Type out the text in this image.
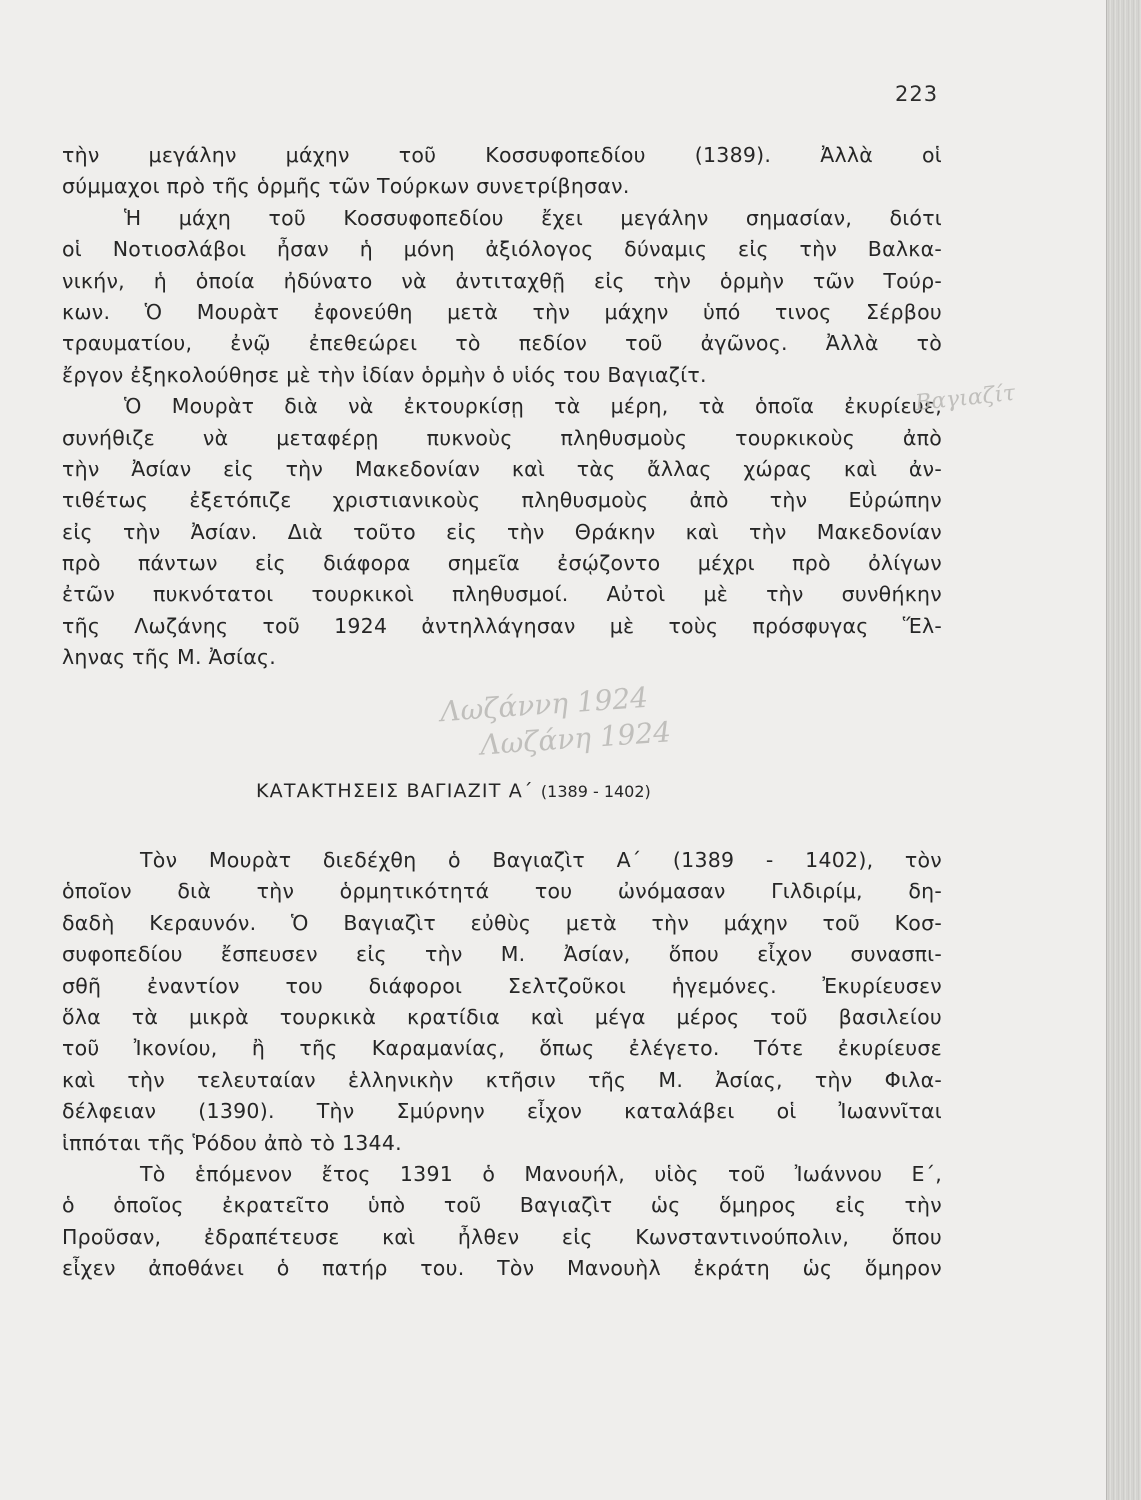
223
τὴν μεγάλην μάχην τοῦ Κοσσυφοπεδίου (1389). Ἀλλὰ οἱ
σύμμαχοι πρὸ τῆς ὁρμῆς τῶν Τούρκων συνετρίβησαν.
Ἡ μάχη τοῦ Κοσσυφοπεδίου ἔχει μεγάλην σημασίαν, διότι
οἱ Νοτιοσλάβοι ἦσαν ἡ μόνη ἀξιόλογος δύναμις εἰς τὴν Βαλκα-
νικήν, ἡ ὁποία ἠδύνατο νὰ ἀντιταχθῇ εἰς τὴν ὁρμὴν τῶν Τούρ-
κων. Ὁ Μουρὰτ ἐφονεύθη μετὰ τὴν μάχην ὑπό τινος Σέρβου
τραυματίου, ἐνῷ ἐπεθεώρει τὸ πεδίον τοῦ ἀγῶνος. Ἀλλὰ τὸ
ἔργον ἐξηκολούθησε μὲ τὴν ἰδίαν ὁρμὴν ὁ υἱός του Βαγιαζίτ.
Ὁ Μουρὰτ διὰ νὰ ἐκτουρκίσῃ τὰ μέρη, τὰ ὁποῖα ἐκυρίευε,
συνήθιζε νὰ μεταφέρῃ πυκνοὺς πληθυσμοὺς τουρκικοὺς ἀπὸ
τὴν Ἀσίαν εἰς τὴν Μακεδονίαν καὶ τὰς ἄλλας χώρας καὶ ἀν-
τιθέτως ἐξετόπιζε χριστιανικοὺς πληθυσμοὺς ἀπὸ τὴν Εὐρώπην
εἰς τὴν Ἀσίαν. Διὰ τοῦτο εἰς τὴν Θράκην καὶ τὴν Μακεδονίαν
πρὸ πάντων εἰς διάφορα σημεῖα ἐσῴζοντο μέχρι πρὸ ὀλίγων
ἐτῶν πυκνότατοι τουρκικοὶ πληθυσμοί. Αὐτοὶ μὲ τὴν συνθήκην
τῆς Λωζάνης τοῦ 1924 ἀντηλλάγησαν μὲ τοὺς πρόσφυγας Ἕλ-
ληνας τῆς Μ. Ἀσίας.
ΚΑΤΑΚΤΗΣΕΙΣ ΒΑΓΙΑΖΙΤ Α΄ (1389 - 1402)
Τὸν Μουρὰτ διεδέχθη ὁ Βαγιαζὶτ Α΄ (1389 - 1402), τὸν
ὁποῖον διὰ τὴν ὁρμητικότητά του ὠνόμασαν Γιλδιρίμ, δη-
δαδὴ Κεραυνόν. Ὁ Βαγιαζὶτ εὐθὺς μετὰ τὴν μάχην τοῦ Κοσ-
συφοπεδίου ἔσπευσεν εἰς τὴν Μ. Ἀσίαν, ὅπου εἶχον συνασπι-
σθῆ ἐναντίον του διάφοροι Σελτζοῦκοι ἡγεμόνες. Ἐκυρίευσεν
ὅλα τὰ μικρὰ τουρκικὰ κρατίδια καὶ μέγα μέρος τοῦ βασιλείου
τοῦ Ἰκονίου, ἢ τῆς Καραμανίας, ὅπως ἐλέγετο. Τότε ἐκυρίευσε
καὶ τὴν τελευταίαν ἑλληνικὴν κτῆσιν τῆς Μ. Ἀσίας, τὴν Φιλα-
δέλφειαν (1390). Τὴν Σμύρνην εἶχον καταλάβει οἱ Ἰωαννῖται
ἱππόται τῆς Ῥόδου ἀπὸ τὸ 1344.
Τὸ ἑπόμενον ἔτος 1391 ὁ Μανουήλ, υἱὸς τοῦ Ἰωάννου Ε΄,
ὁ ὁποῖος ἐκρατεῖτο ὑπὸ τοῦ Βαγιαζὶτ ὡς ὅμηρος εἰς τὴν
Προῦσαν, ἐδραπέτευσε καὶ ἦλθεν εἰς Κωνσταντινούπολιν, ὅπου
εἶχεν ἀποθάνει ὁ πατήρ του. Τὸν Μανουὴλ ἐκράτη ὡς ὅμηρον
Βαγιαζίτ
Λωζάννη 1924
Λωζάνη 1924
